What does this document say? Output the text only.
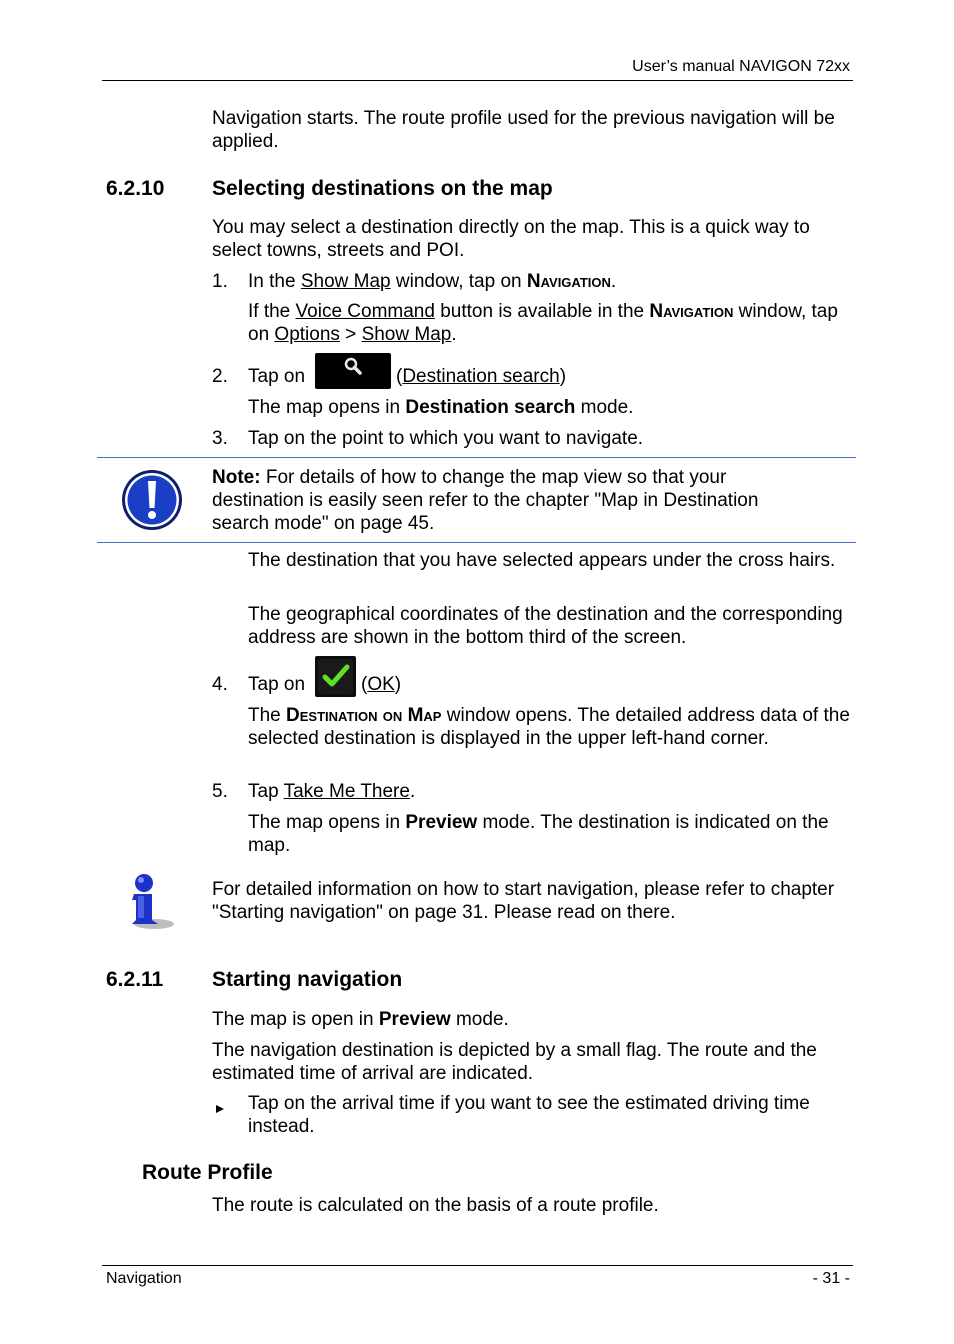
User’s manual NAVIGON 72xx
Navigation starts. The route profile used for the previous navigation will be applied.
6.2.10 Selecting destinations on the map
You may select a destination directly on the map. This is a quick way to select towns, streets and POI.
1. In the Show Map window, tap on Navigation.
If the Voice Command button is available in the Navigation window, tap on Options > Show Map.
2. Tap on	(Destination search)
The map opens in Destination search mode.
3. Tap on the point to which you want to navigate.
Note: For details of how to change the map view so that your destination is easily seen refer to the chapter "Map in Destination search mode" on page 45.
The destination that you have selected appears under the cross hairs.
The geographical coordinates of the destination and the corresponding address are shown in the bottom third of the screen.
4. Tap on	(OK)
The Destination on Map window opens. The detailed address data of the selected destination is displayed in the upper left-hand corner.
5. Tap Take Me There.
The map opens in Preview mode. The destination is indicated on the map.
For detailed information on how to start navigation, please refer to chapter "Starting navigation" on page 31. Please read on there.
6.2.11 Starting navigation
The map is open in Preview mode.
The navigation destination is depicted by a small flag. The route and the estimated time of arrival are indicated.
Tap on the arrival time if you want to see the estimated driving time instead.
Route Profile
The route is calculated on the basis of a route profile.
Navigation	- 31 -
